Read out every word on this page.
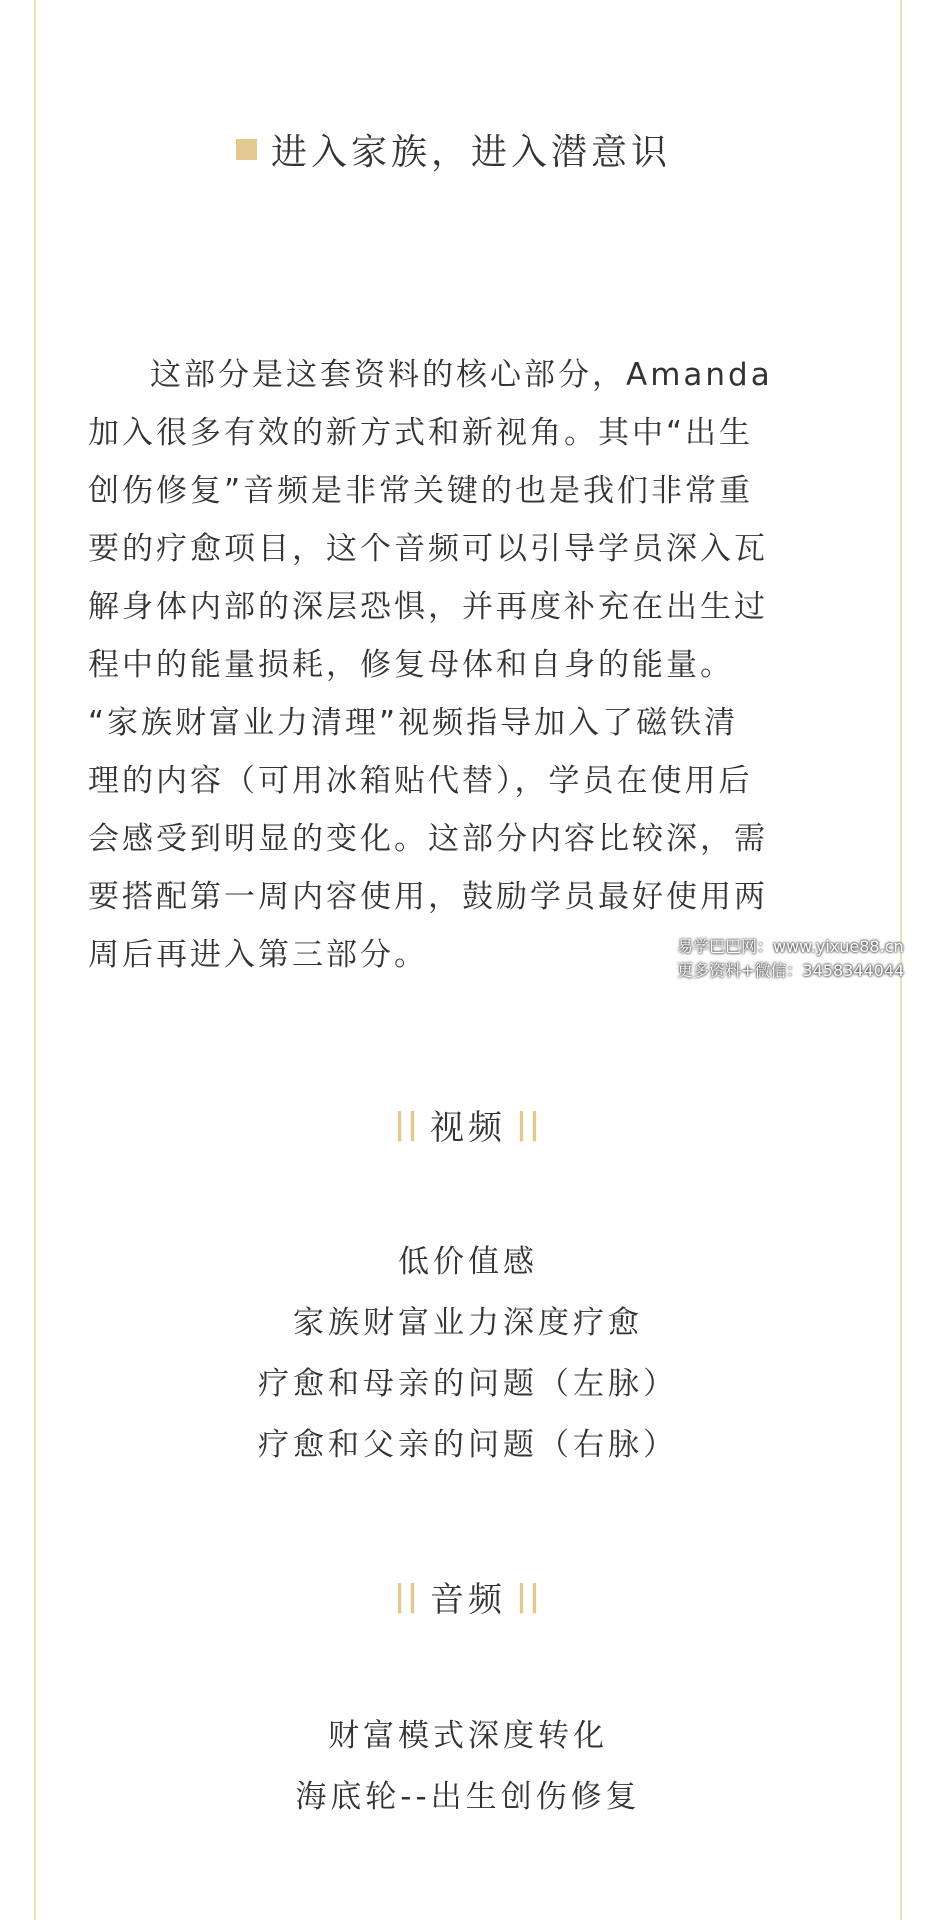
进入家族，进入潜意识
这部分是这套资料的核心部分，Amanda
加入很多有效的新方式和新视角。其中“出生
创伤修复”音频是非常关键的也是我们非常重
要的疗愈项目，这个音频可以引导学员深入瓦
解身体内部的深层恐惧，并再度补充在出生过
程中的能量损耗，修复母体和自身的能量。
“家族财富业力清理”视频指导加入了磁铁清
理的内容（可用冰箱贴代替），学员在使用后
会感受到明显的变化。这部分内容比较深，需
要搭配第一周内容使用，鼓励学员最好使用两
周后再进入第三部分。	易学巴巴网：www.yixue88.cn
更多资料+微信：3458344044
|| 视频 ||
低价值感
家族财富业力深度疗愈
疗愈和母亲的问题（左脉）
疗愈和父亲的问题（右脉）
|| 音频 ||
财富模式深度转化
海底轮--出生创伤修复
